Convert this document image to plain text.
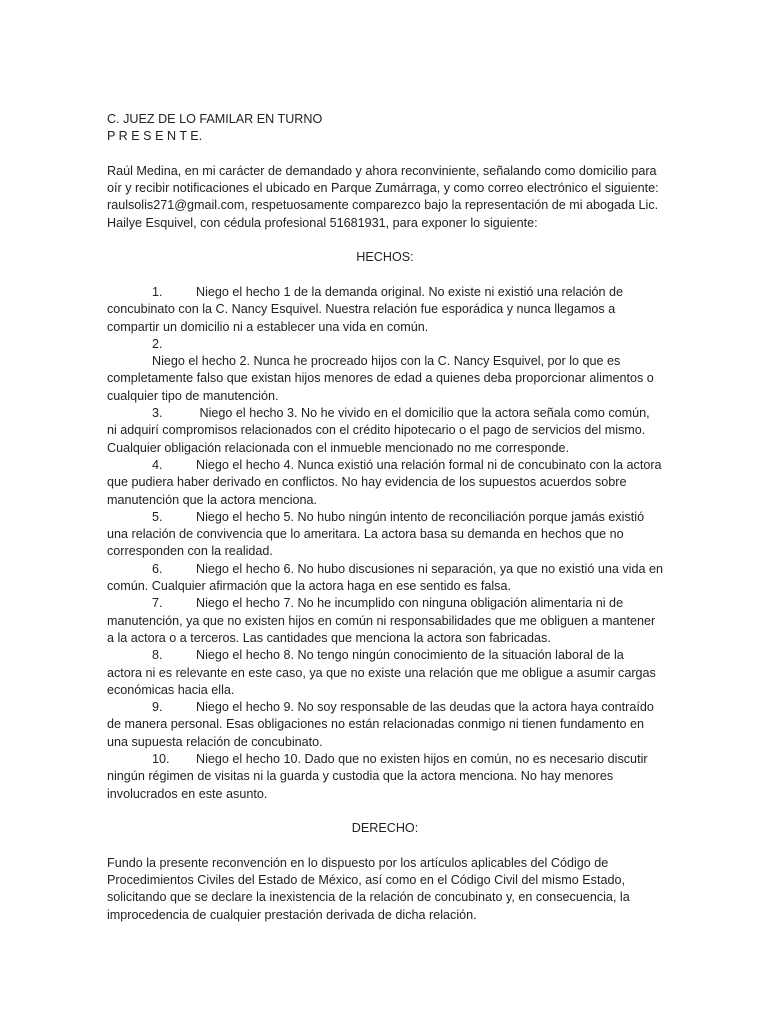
C. JUEZ DE LO FAMILAR EN TURNO

P R E S E N T E.

Raúl Medina, en mi carácter de demandado y ahora reconviniente, señalando como domicilio para

oír y recibir notificaciones el ubicado en Parque Zumárraga, y como correo electrónico el siguiente:

raulsolis271@gmail.com, respetuosamente comparezco bajo la representación de mi abogada Lic.

Hailye Esquivel, con cédula profesional 51681931, para exponer lo siguiente:

HECHOS:

1.	Niego el hecho 1 de la demanda original. No existe ni existió una relación de

concubinato con la C. Nancy Esquivel. Nuestra relación fue esporádica y nunca llegamos a

compartir un domicilio ni a establecer una vida en común.

2.Niego el hecho 2. Nunca he procreado hijos con la C. Nancy Esquivel, por lo que es

completamente falso que existan hijos menores de edad a quienes deba proporcionar alimentos o

cualquier tipo de manutención.

3.	Niego el hecho 3. No he vivido en el domicilio que la actora señala como común,

ni adquirí compromisos relacionados con el crédito hipotecario o el pago de servicios del mismo.

Cualquier obligación relacionada con el inmueble mencionado no me corresponde.

4.	Niego el hecho 4. Nunca existió una relación formal ni de concubinato con la actora

que pudiera haber derivado en conflictos. No hay evidencia de los supuestos acuerdos sobre

manutención que la actora menciona.

5.	Niego el hecho 5. No hubo ningún intento de reconciliación porque jamás existió

una relación de convivencia que lo ameritara. La actora basa su demanda en hechos que no

corresponden con la realidad.

6.	Niego el hecho 6. No hubo discusiones ni separación, ya que no existió una vida en

común. Cualquier afirmación que la actora haga en ese sentido es falsa.

7.	Niego el hecho 7. No he incumplido con ninguna obligación alimentaria ni de

manutención, ya que no existen hijos en común ni responsabilidades que me obliguen a mantener

a la actora o a terceros. Las cantidades que menciona la actora son fabricadas.

8.	Niego el hecho 8. No tengo ningún conocimiento de la situación laboral de la

actora ni es relevante en este caso, ya que no existe una relación que me obligue a asumir cargas

económicas hacia ella.

9.	Niego el hecho 9. No soy responsable de las deudas que la actora haya contraído

de manera personal. Esas obligaciones no están relacionadas conmigo ni tienen fundamento en

una supuesta relación de concubinato.

10. Niego el hecho 10. Dado que no existen hijos en común, no es necesario discutir

ningún régimen de visitas ni la guarda y custodia que la actora menciona. No hay menores

involucrados en este asunto.

DERECHO:

Fundo la presente reconvención en lo dispuesto por los artículos aplicables del Código de

Procedimientos Civiles del Estado de México, así como en el Código Civil del mismo Estado,

solicitando que se declare la inexistencia de la relación de concubinato y, en consecuencia, la

improcedencia de cualquier prestación derivada de dicha relación.
